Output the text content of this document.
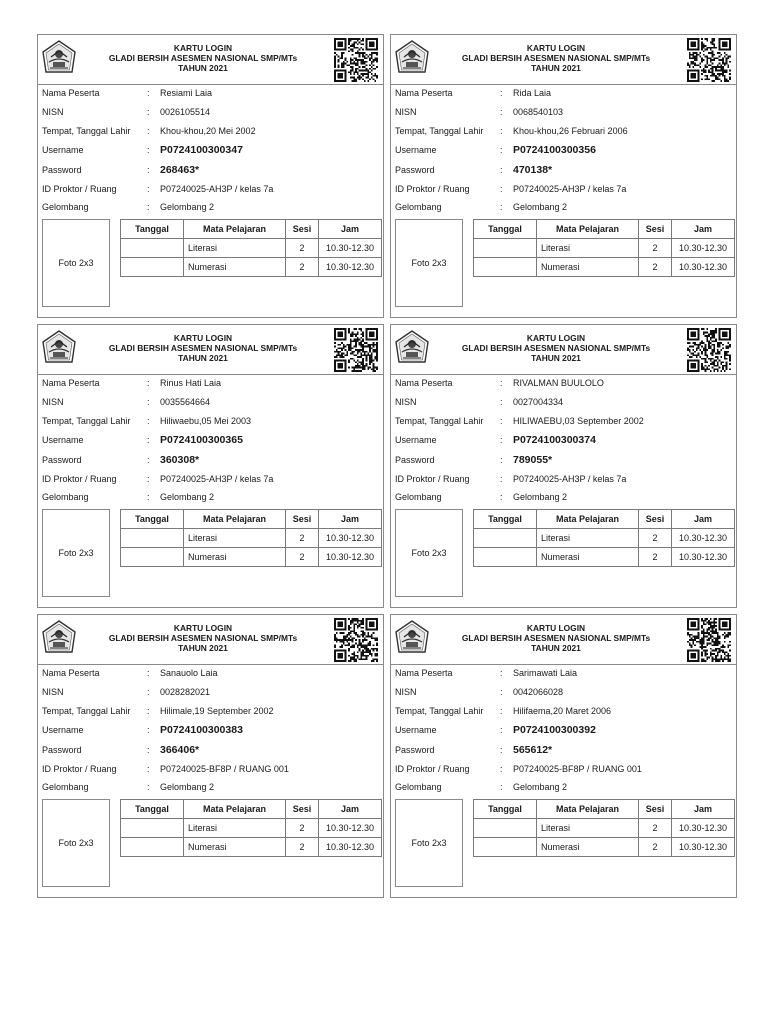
KARTU LOGIN
GLADI BERSIH ASESMEN NASIONAL SMP/MTs
TAHUN 2021
Nama Peserta	: Resiami Laia
NISN	: 0026105514
Tempat, Tanggal Lahir : Khou-khou,20 Mei 2002
Username	: P0724100300347
Password	: 268463*
ID Proktor / Ruang	: P07240025-AH3P / kelas 7a
Gelombang	: Gelombang 2
Foto 2x3
Tanggal	Mata Pelajaran	Sesi	Jam
	Literasi	2	10.30-12.30
	Numerasi	2	10.30-12.30
KARTU LOGIN
GLADI BERSIH ASESMEN NASIONAL SMP/MTs
TAHUN 2021
Nama Peserta	: Rida Laia
NISN	: 0068540103
Tempat, Tanggal Lahir : Khou-khou,26 Februari 2006
Username	: P0724100300356
Password	: 470138*
ID Proktor / Ruang	: P07240025-AH3P / kelas 7a
Gelombang	: Gelombang 2
Foto 2x3
Tanggal	Mata Pelajaran	Sesi	Jam
	Literasi	2	10.30-12.30
	Numerasi	2	10.30-12.30
KARTU LOGIN
GLADI BERSIH ASESMEN NASIONAL SMP/MTs
TAHUN 2021
Nama Peserta	: Rinus Hati Laia
NISN	: 0035564664
Tempat, Tanggal Lahir : Hiliwaebu,05 Mei 2003
Username	: P0724100300365
Password	: 360308*
ID Proktor / Ruang	: P07240025-AH3P / kelas 7a
Gelombang	: Gelombang 2
Foto 2x3
Tanggal	Mata Pelajaran	Sesi	Jam
	Literasi	2	10.30-12.30
	Numerasi	2	10.30-12.30
KARTU LOGIN
GLADI BERSIH ASESMEN NASIONAL SMP/MTs
TAHUN 2021
Nama Peserta	: RIVALMAN BUULOLO
NISN	: 0027004334
Tempat, Tanggal Lahir : HILIWAEBU,03 September 2002
Username	: P0724100300374
Password	: 789055*
ID Proktor / Ruang	: P07240025-AH3P / kelas 7a
Gelombang	: Gelombang 2
Foto 2x3
Tanggal	Mata Pelajaran	Sesi	Jam
	Literasi	2	10.30-12.30
	Numerasi	2	10.30-12.30
KARTU LOGIN
GLADI BERSIH ASESMEN NASIONAL SMP/MTs
TAHUN 2021
Nama Peserta	: Sanauolo Laia
NISN	: 0028282021
Tempat, Tanggal Lahir : Hilimale,19 September 2002
Username	: P0724100300383
Password	: 366406*
ID Proktor / Ruang	: P07240025-BF8P / RUANG 001
Gelombang	: Gelombang 2
Foto 2x3
Tanggal	Mata Pelajaran	Sesi	Jam
	Literasi	2	10.30-12.30
	Numerasi	2	10.30-12.30
KARTU LOGIN
GLADI BERSIH ASESMEN NASIONAL SMP/MTs
TAHUN 2021
Nama Peserta	: Sarimawati Laia
NISN	: 0042066028
Tempat, Tanggal Lahir : Hilifaema,20 Maret 2006
Username	: P0724100300392
Password	: 565612*
ID Proktor / Ruang	: P07240025-BF8P / RUANG 001
Gelombang	: Gelombang 2
Foto 2x3
Tanggal	Mata Pelajaran	Sesi	Jam
	Literasi	2	10.30-12.30
	Numerasi	2	10.30-12.30
